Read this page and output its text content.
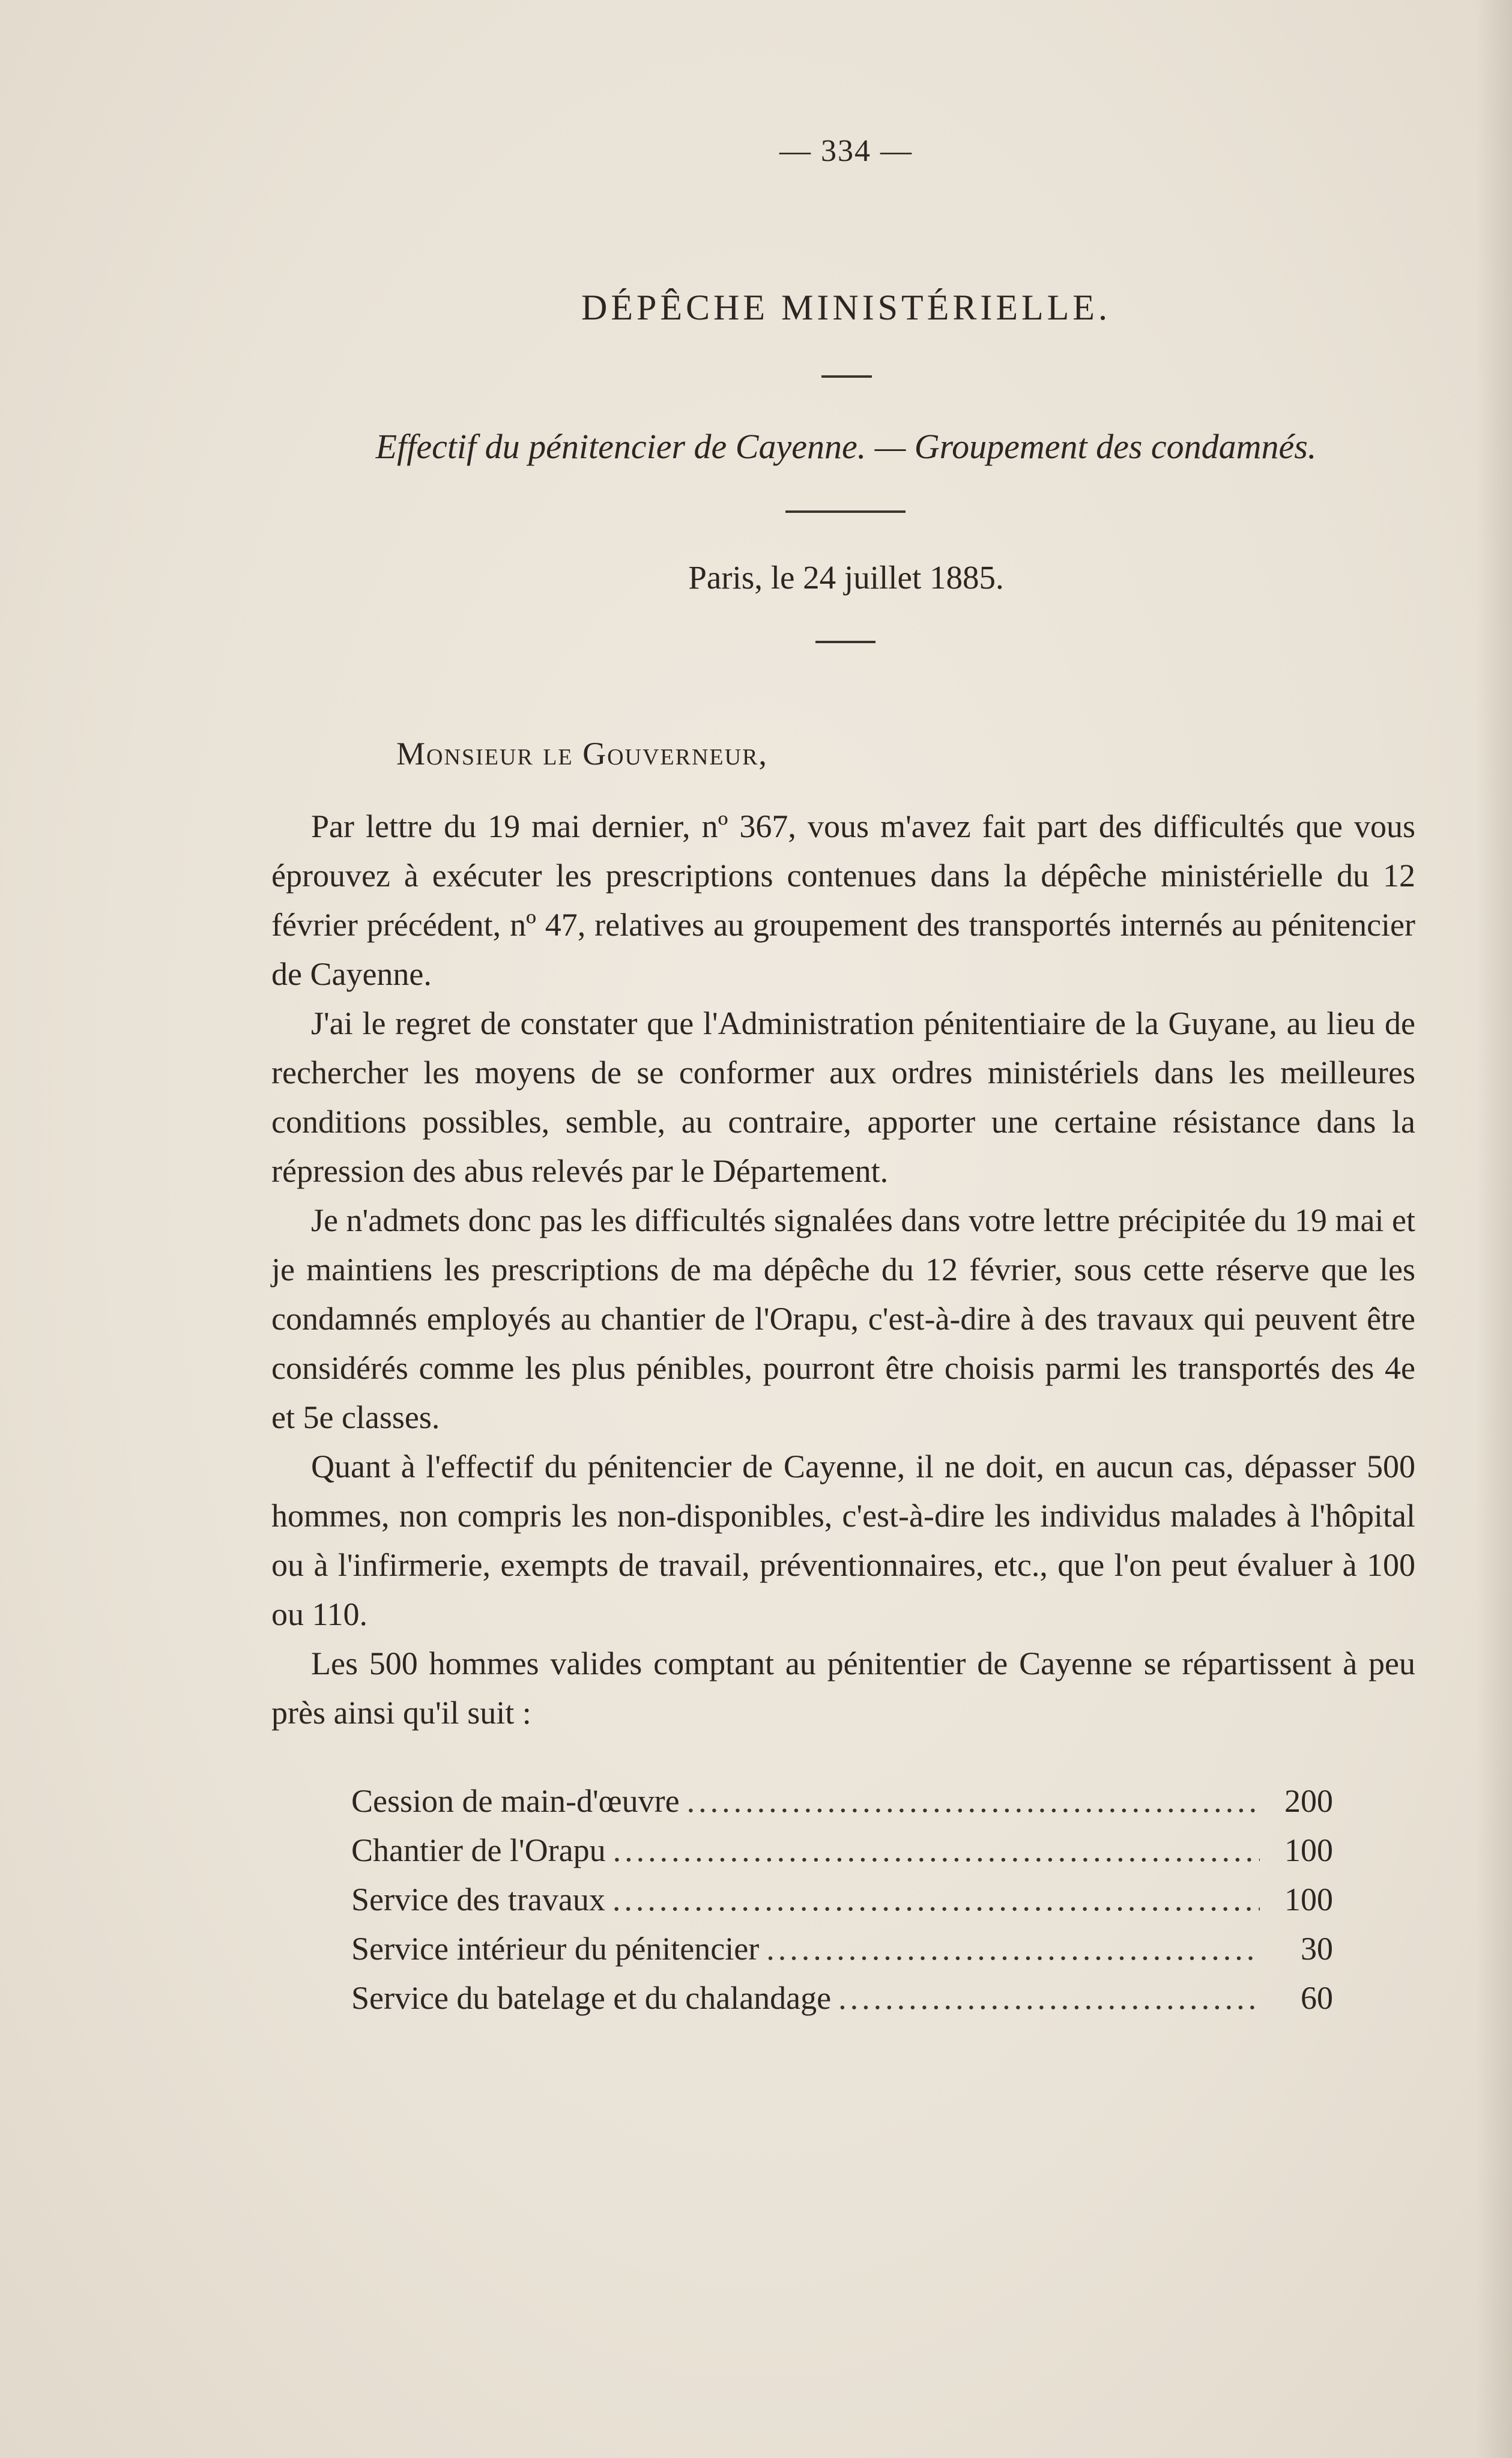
— 334 —
DÉPÊCHE MINISTÉRIELLE.
Effectif du pénitencier de Cayenne. — Groupement des condamnés.
Paris, le 24 juillet 1885.
Monsieur le Gouverneur,

Par lettre du 19 mai dernier, nº 367, vous m'avez fait part des difficultés que vous éprouvez à exécuter les prescriptions contenues dans la dépêche ministérielle du 12 février précédent, nº 47, relatives au groupement des transportés internés au pénitencier de Cayenne.

J'ai le regret de constater que l'Administration pénitentiaire de la Guyane, au lieu de rechercher les moyens de se conformer aux ordres ministériels dans les meilleures conditions possibles, semble, au contraire, apporter une certaine résistance dans la répression des abus relevés par le Département.

Je n'admets donc pas les difficultés signalées dans votre lettre précipitée du 19 mai et je maintiens les prescriptions de ma dépêche du 12 février, sous cette réserve que les condamnés employés au chantier de l'Orapu, c'est-à-dire à des travaux qui peuvent être considérés comme les plus pénibles, pourront être choisis parmi les transportés des 4e et 5e classes.

Quant à l'effectif du pénitencier de Cayenne, il ne doit, en aucun cas, dépasser 500 hommes, non compris les non-disponibles, c'est-à-dire les individus malades à l'hôpital ou à l'infirmerie, exempts de travail, préventionnaires, etc., que l'on peut évaluer à 100 ou 110.

Les 500 hommes valides comptant au pénitentier de Cayenne se répartissent à peu près ainsi qu'il suit :

Cession de main-d'œuvre .....	200
Chantier de l'Orapu .....	100
Service des travaux .....	100
Service intérieur du pénitencier .....	30
Service du batelage et du chalandage .....	60
